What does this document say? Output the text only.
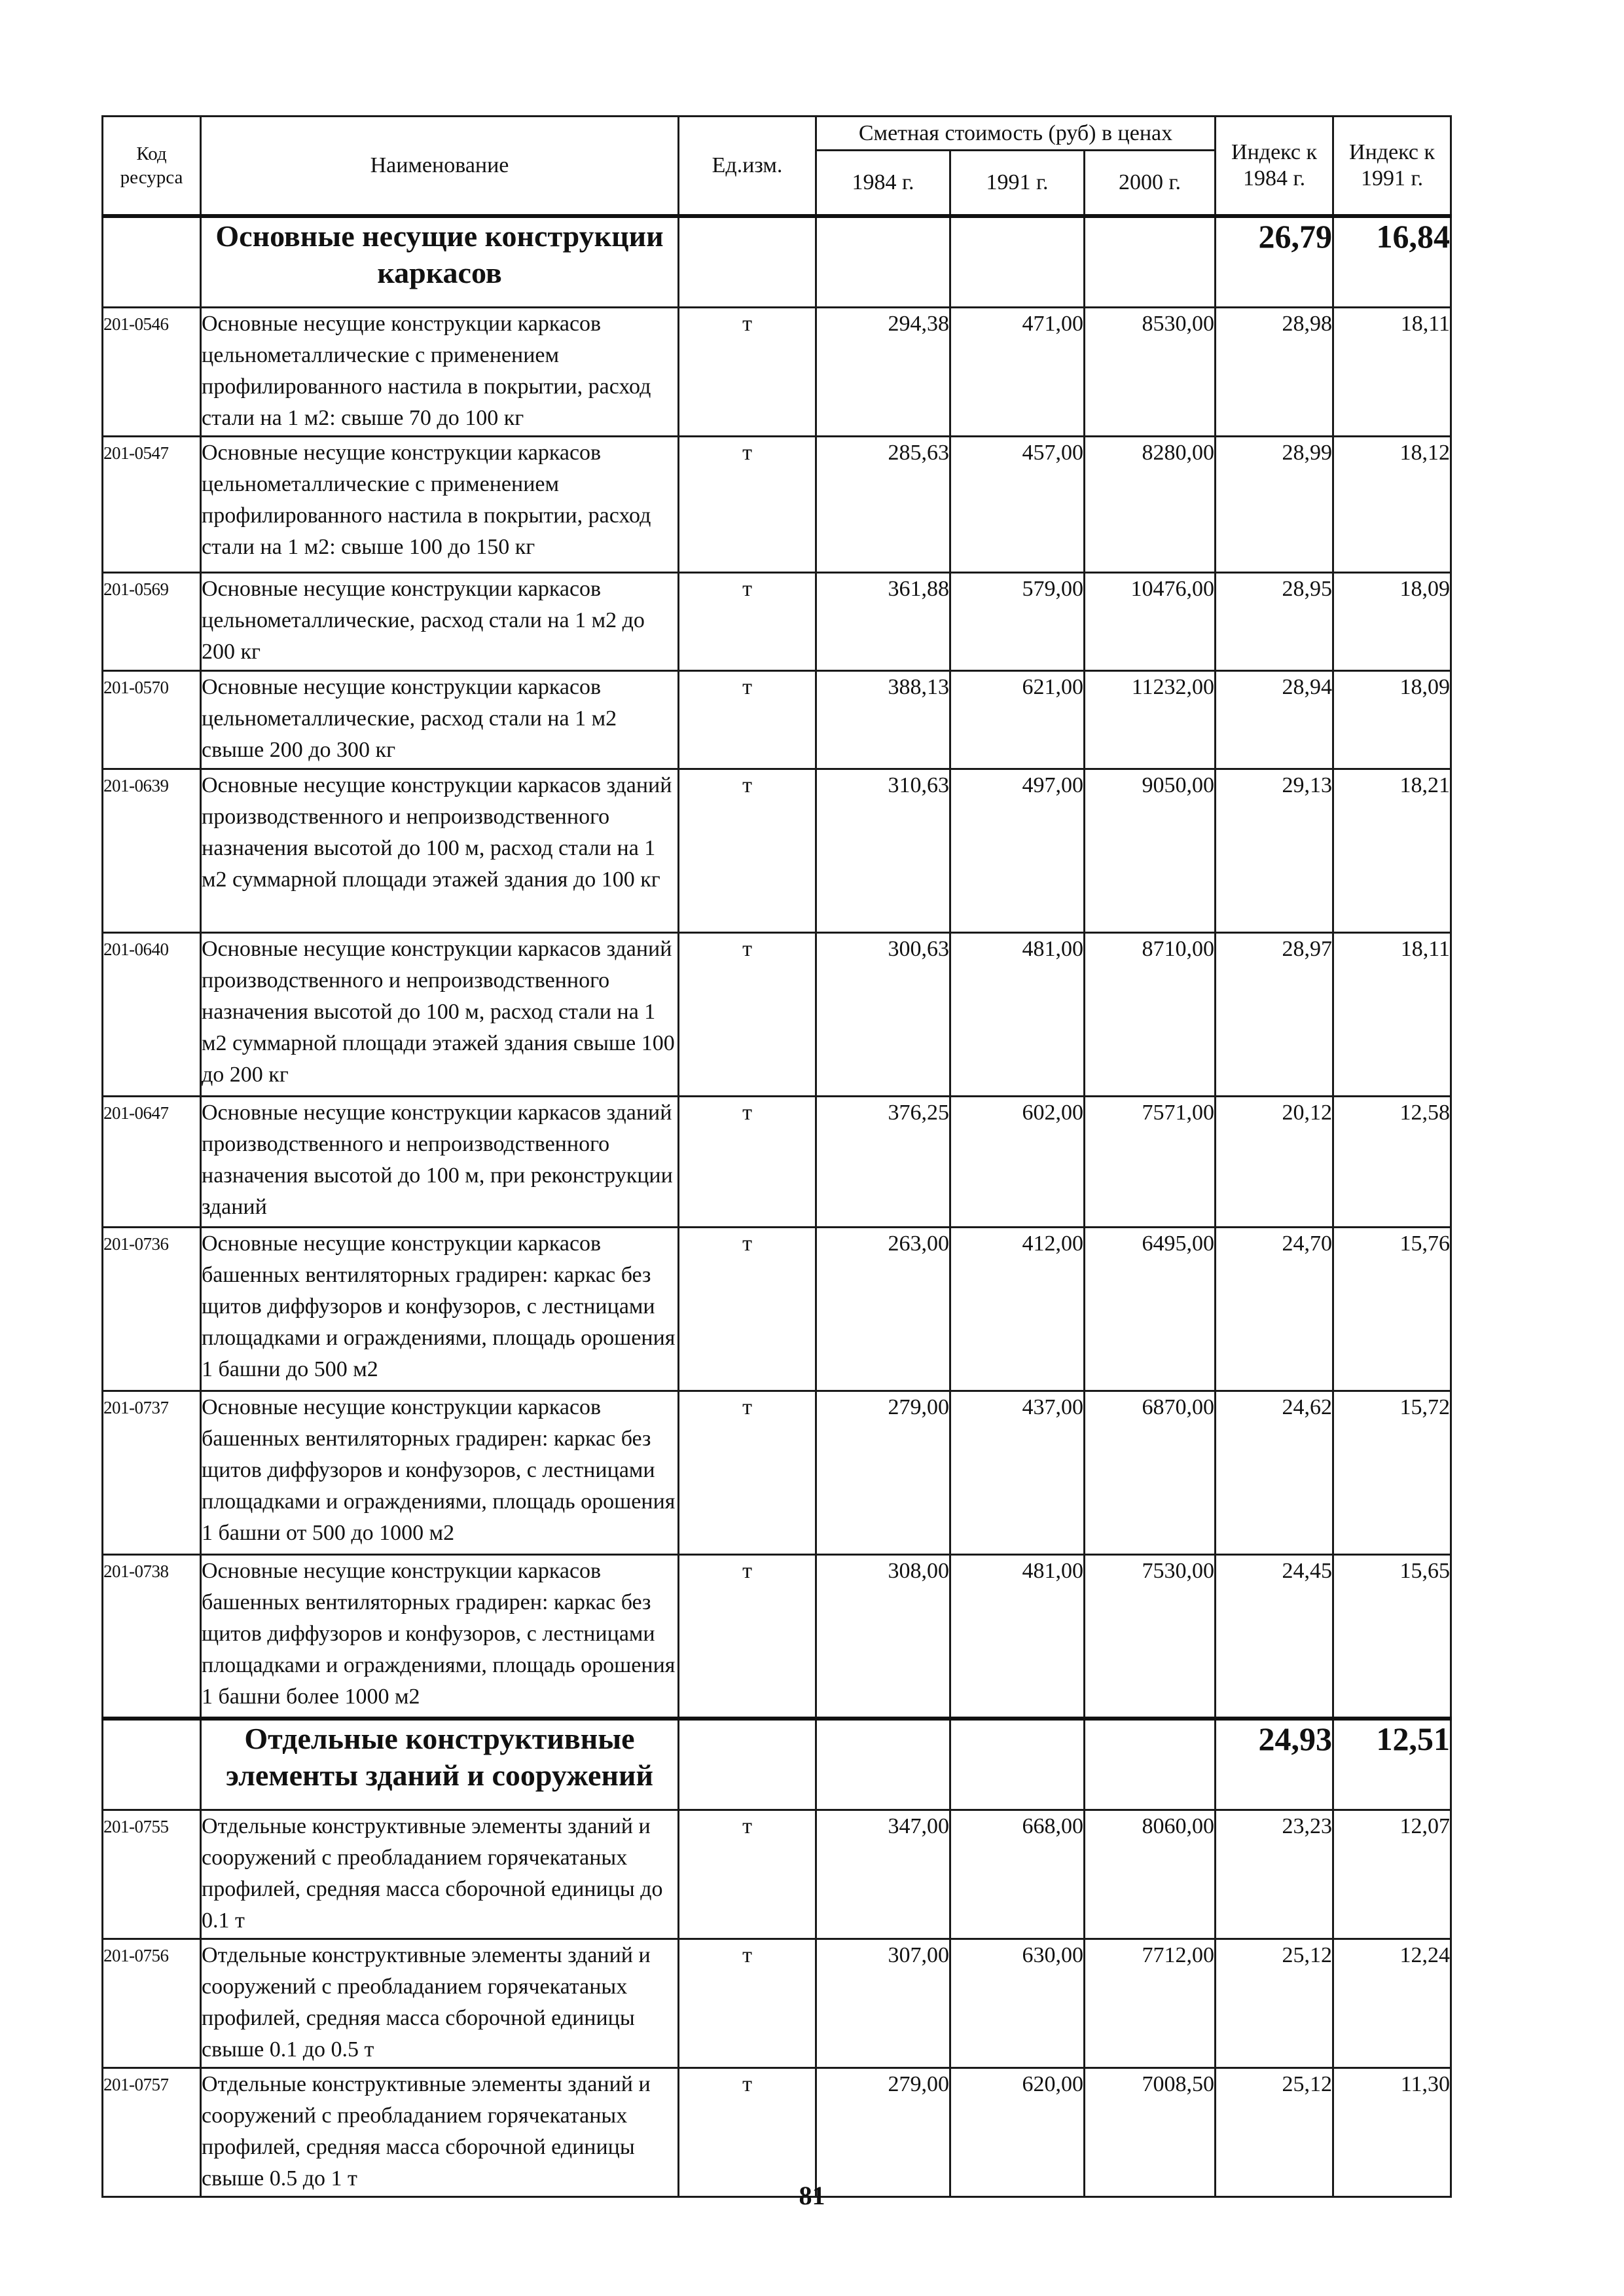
Код ресурса	Наименование	Ед.изм.	Сметная стоимость (руб) в ценах			Индекс к 1984 г.	Индекс к 1991 г.
			1984 г.	1991 г.	2000 г.		
	Основные несущие конструкции каркасов					26,79	16,84
201-0546	Основные несущие конструкции каркасов цельнометаллические с применением профилированного настила в покрытии, расход стали на 1 м2: свыше 70 до 100 кг	т	294,38	471,00	8530,00	28,98	18,11
201-0547	Основные несущие конструкции каркасов цельнометаллические с применением профилированного настила в покрытии, расход стали на 1 м2: свыше 100 до 150 кг	т	285,63	457,00	8280,00	28,99	18,12
201-0569	Основные несущие конструкции каркасов цельнометаллические, расход стали на 1 м2 до 200 кг	т	361,88	579,00	10476,00	28,95	18,09
201-0570	Основные несущие конструкции каркасов цельнометаллические, расход стали на 1 м2 свыше 200 до 300 кг	т	388,13	621,00	11232,00	28,94	18,09
201-0639	Основные несущие конструкции каркасов зданий производственного и непроизводственного назначения высотой до 100 м, расход стали на 1 м2 суммарной площади этажей здания до 100 кг	т	310,63	497,00	9050,00	29,13	18,21
201-0640	Основные несущие конструкции каркасов зданий производственного и непроизводственного назначения высотой до 100 м, расход стали на 1 м2 суммарной площади этажей здания свыше 100 до 200 кг	т	300,63	481,00	8710,00	28,97	18,11
201-0647	Основные несущие конструкции каркасов зданий производственного и непроизводственного назначения высотой до 100 м, при реконструкции зданий	т	376,25	602,00	7571,00	20,12	12,58
201-0736	Основные несущие конструкции каркасов башенных вентиляторных градирен: каркас без щитов диффузоров и конфузоров, с лестницами площадками и ограждениями, площадь орошения 1 башни до 500 м2	т	263,00	412,00	6495,00	24,70	15,76
201-0737	Основные несущие конструкции каркасов башенных вентиляторных градирен: каркас без щитов диффузоров и конфузоров, с лестницами площадками и ограждениями, площадь орошения 1 башни от 500 до 1000 м2	т	279,00	437,00	6870,00	24,62	15,72
201-0738	Основные несущие конструкции каркасов башенных вентиляторных градирен: каркас без щитов диффузоров и конфузоров, с лестницами площадками и ограждениями, площадь орошения 1 башни более 1000 м2	т	308,00	481,00	7530,00	24,45	15,65
	Отдельные конструктивные элементы зданий и сооружений					24,93	12,51
201-0755	Отдельные конструктивные элементы зданий и сооружений с преобладанием горячекатаных профилей, средняя масса сборочной единицы до 0.1 т	т	347,00	668,00	8060,00	23,23	12,07
201-0756	Отдельные конструктивные элементы зданий и сооружений с преобладанием горячекатаных профилей, средняя масса сборочной единицы свыше 0.1 до 0.5 т	т	307,00	630,00	7712,00	25,12	12,24
201-0757	Отдельные конструктивные элементы зданий и сооружений с преобладанием горячекатаных профилей, средняя масса сборочной единицы свыше 0.5 до 1 т	т	279,00	620,00	7008,50	25,12	11,30
81
